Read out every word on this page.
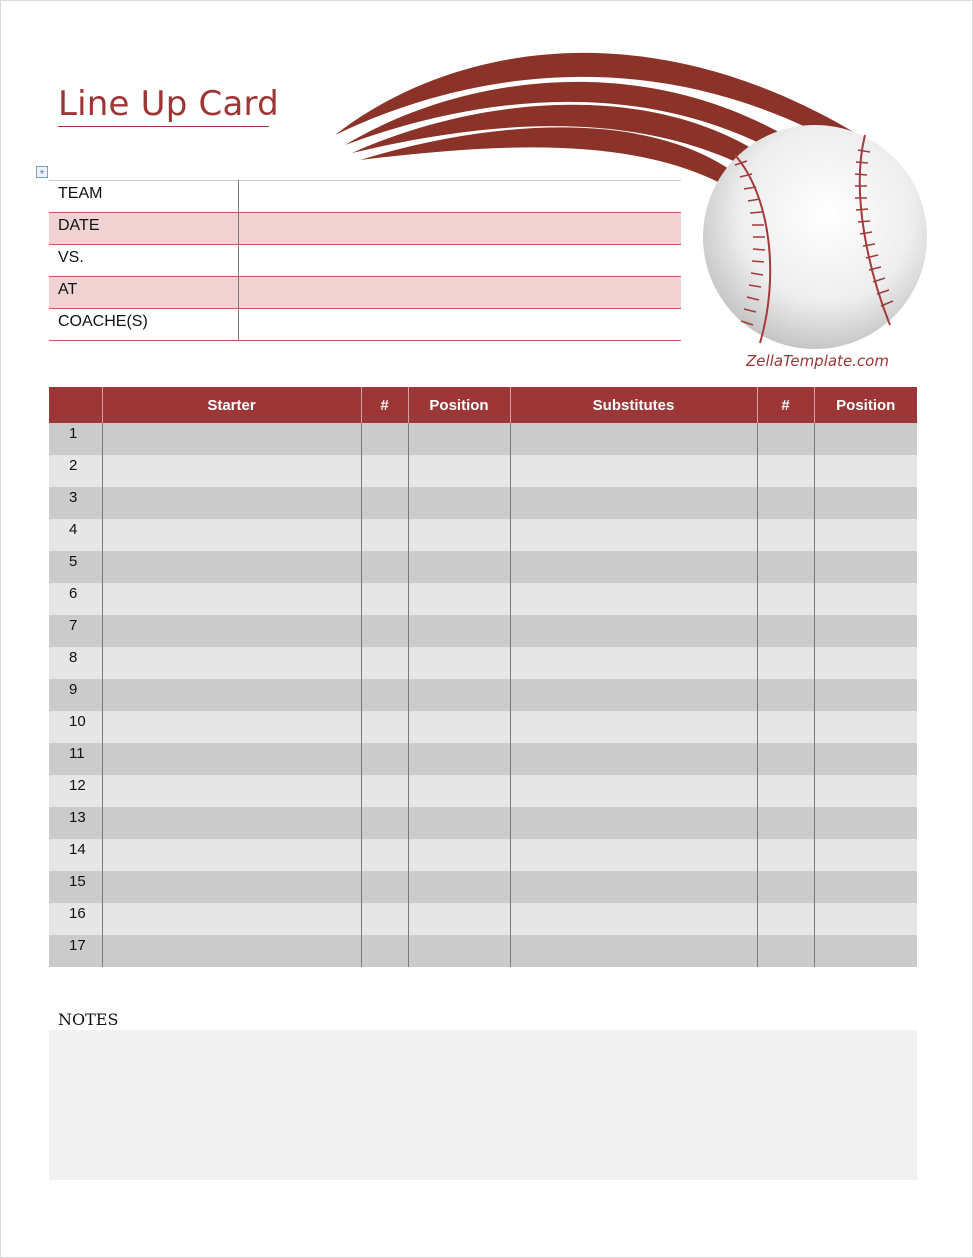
Line Up Card
+
ZellaTemplate.com
TEAM	
DATE	
VS.	
AT	
COACHE(S)	
	Starter	#	Position	Substitutes	#	Position
1						
2						
3						
4						
5						
6						
7						
8						
9						
10						
11						
12						
13						
14						
15						
16						
17						
NOTES
